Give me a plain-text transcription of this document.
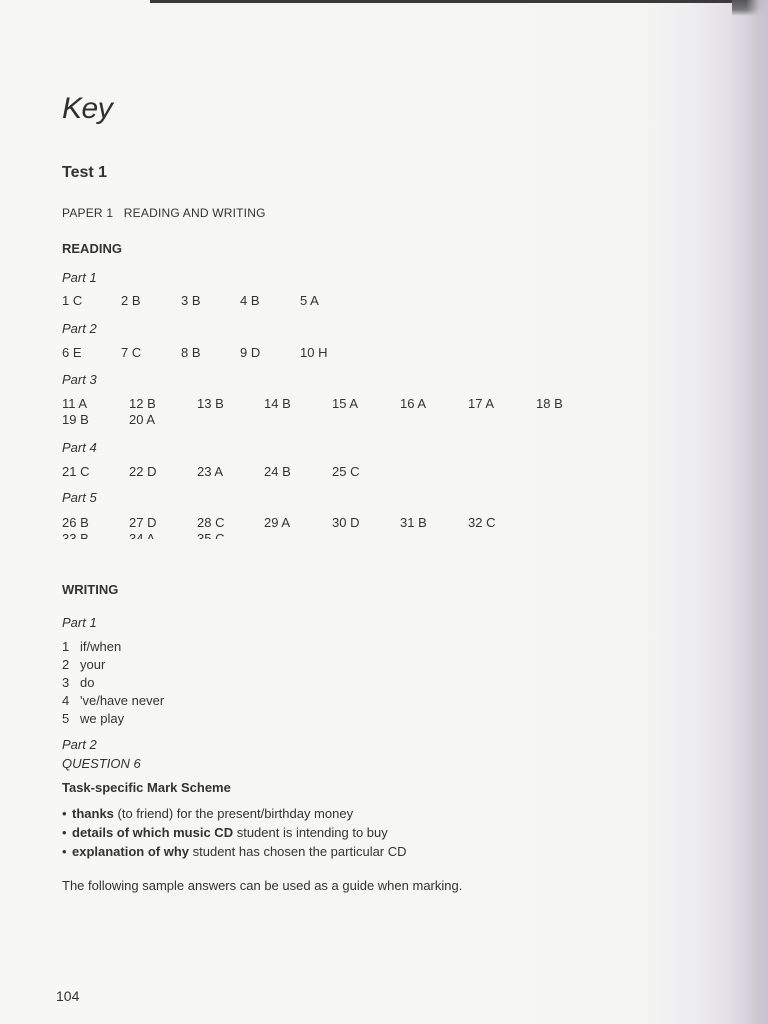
Key
Test 1
PAPER 1   READING AND WRITING
READING
Part 1
1 C	2 B	3 B	4 B	5 A
Part 2
6 E	7 C	8 B	9 D	10 H
Part 3
11 A	12 B	13 B	14 B	15 A	16 A	17 A	18 B
19 B	20 A
Part 4
21 C	22 D	23 A	24 B	25 C
Part 5
26 B	27 D	28 C	29 A	30 D	31 B	32 C
WRITING
Part 1
1 if/when
2 your
3 do
4 've/have never
5 we play
Part 2
QUESTION 6
Task-specific Mark Scheme
• thanks (to friend) for the present/birthday money
• details of which music CD student is intending to buy
• explanation of why student has chosen the particular CD
The following sample answers can be used as a guide when marking.
104
